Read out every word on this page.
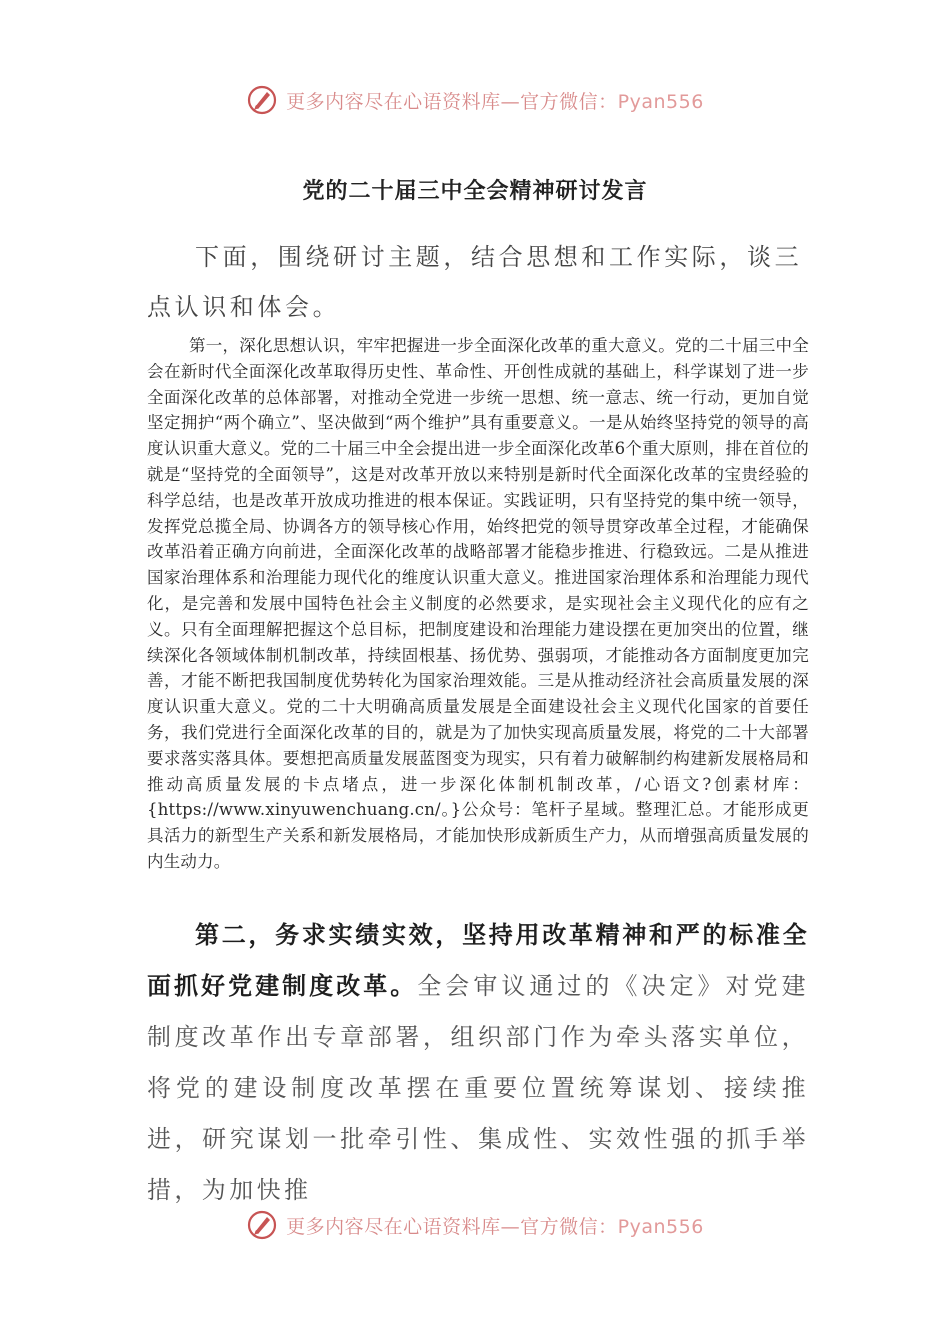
更多内容尽在心语资料库—官方微信：Pyan556
党的二十届三中全会精神研讨发言

下面，围绕研讨主题，结合思想和工作实际，谈三点认识和体会。

第一，深化思想认识，牢牢把握进一步全面深化改革的重大意义。党的二十届三中全会在新时代全面深化改革取得历史性、革命性、开创性成就的基础上，科学谋划了进一步全面深化改革的总体部署，对推动全党进一步统一思想、统一意志、统一行动，更加自觉坚定拥护“两个确立”、坚决做到“两个维护”具有重要意义。一是从始终坚持党的领导的高度认识重大意义。党的二十届三中全会提出进一步全面深化改革6个重大原则，排在首位的就是“坚持党的全面领导”，这是对改革开放以来特别是新时代全面深化改革的宝贵经验的科学总结，也是改革开放成功推进的根本保证。实践证明，只有坚持党的集中统一领导，发挥党总揽全局、协调各方的领导核心作用，始终把党的领导贯穿改革全过程，才能确保改革沿着正确方向前进，全面深化改革的战略部署才能稳步推进、行稳致远。二是从推进国家治理体系和治理能力现代化的维度认识重大意义。推进国家治理体系和治理能力现代化，是完善和发展中国特色社会主义制度的必然要求，是实现社会主义现代化的应有之义。只有全面理解把握这个总目标，把制度建设和治理能力建设摆在更加突出的位置，继续深化各领域体制机制改革，持续固根基、扬优势、强弱项，才能推动各方面制度更加完善，才能不断把我国制度优势转化为国家治理效能。三是从推动经济社会高质量发展的深度认识重大意义。党的二十大明确高质量发展是全面建设社会主义现代化国家的首要任务，我们党进行全面深化改革的目的，就是为了加快实现高质量发展，将党的二十大部署要求落实落具体。要想把高质量发展蓝图变为现实，只有着力破解制约构建新发展格局和推动高质量发展的卡点堵点，进一步深化体制机制改革，/心语文?创素材库：{https://www.xinyuwenchuang.cn/。}公众号：笔杆子星域。整理汇总。才能形成更具活力的新型生产关系和新发展格局，才能加快形成新质生产力，从而增强高质量发展的内生动力。

第二，务求实绩实效，坚持用改革精神和严的标准全面抓好党建制度改革。全会审议通过的《决定》对党建制度改革作出专章部署，组织部门作为牵头落实单位，将党的建设制度改革摆在重要位置统筹谋划、接续推进，研究谋划一批牵引性、集成性、实效性强的抓手举措，为加快推

更多内容尽在心语资料库—官方微信：Pyan556
